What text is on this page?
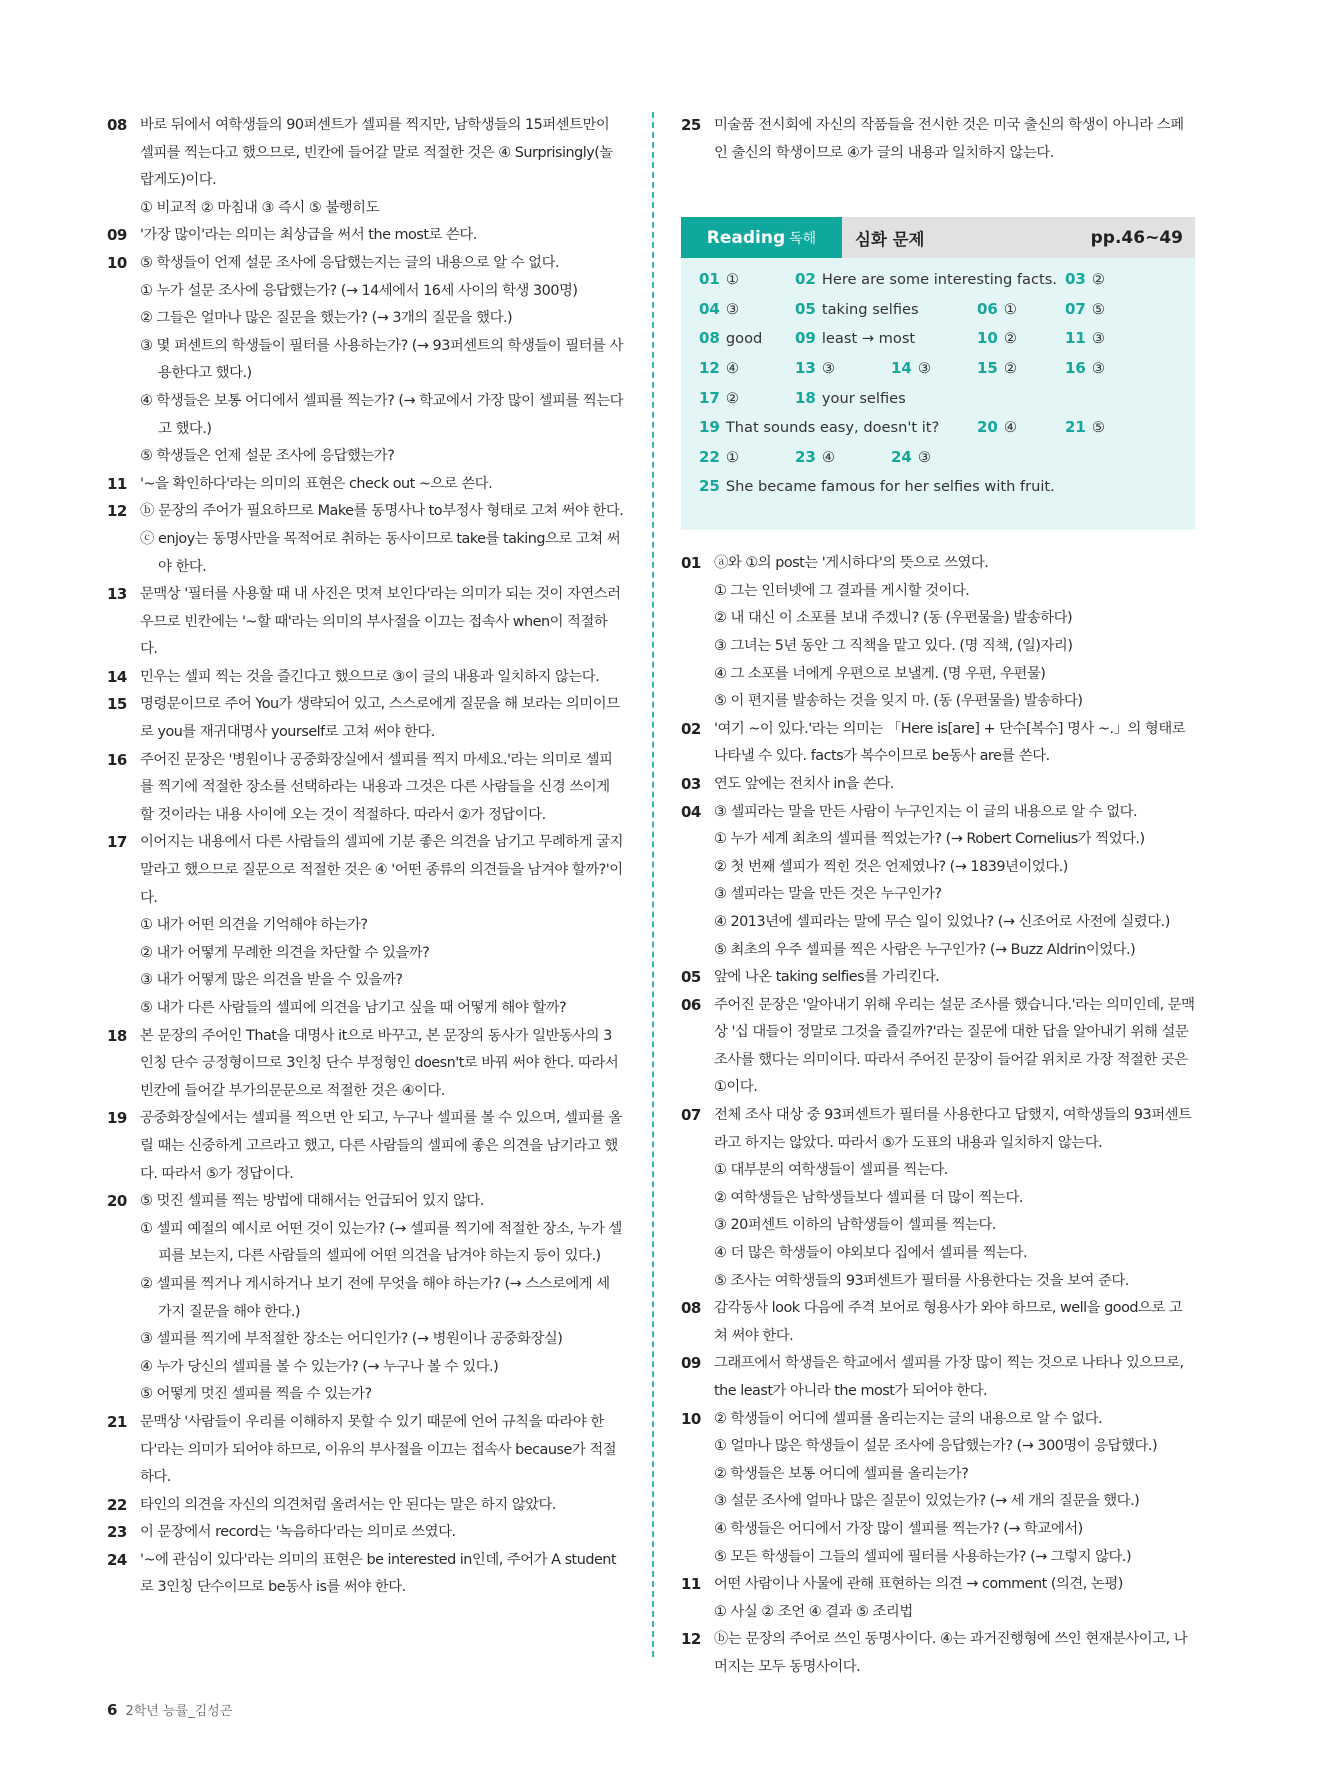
08 바로 뒤에서 여학생들의 90퍼센트가 셀피를 찍지만, 남학생들의 15퍼센트만이 셀피를 찍는다고 했으므로, 빈칸에 들어갈 말로 적절한 것은 ④ Surprisingly(놀랍게도)이다.
① 비교적 ② 마침내 ③ 즉시 ⑤ 불행히도
09 '가장 많이'라는 의미는 최상급을 써서 the most로 쓴다.
10 ⑤ 학생들이 언제 설문 조사에 응답했는지는 글의 내용으로 알 수 없다.
① 누가 설문 조사에 응답했는가? (→ 14세에서 16세 사이의 학생 300명)
② 그들은 얼마나 많은 질문을 했는가? (→ 3개의 질문을 했다.)
③ 몇 퍼센트의 학생들이 필터를 사용하는가? (→ 93퍼센트의 학생들이 필터를 사용한다고 했다.)
④ 학생들은 보통 어디에서 셀피를 찍는가? (→ 학교에서 가장 많이 셀피를 찍는다고 했다.)
⑤ 학생들은 언제 설문 조사에 응답했는가?
11 '~을 확인하다'라는 의미의 표현은 check out ~으로 쓴다.
12 ⓑ 문장의 주어가 필요하므로 Make를 동명사나 to부정사 형태로 고쳐 써야 한다.
ⓒ enjoy는 동명사만을 목적어로 취하는 동사이므로 take를 taking으로 고쳐 써야 한다.
13 문맥상 '필터를 사용할 때 내 사진은 멋져 보인다'라는 의미가 되는 것이 자연스러우므로 빈칸에는 '~할 때'라는 의미의 부사절을 이끄는 접속사 when이 적절하다.
14 민우는 셀피 찍는 것을 즐긴다고 했으므로 ③이 글의 내용과 일치하지 않는다.
15 명령문이므로 주어 You가 생략되어 있고, 스스로에게 질문을 해 보라는 의미이므로 you를 재귀대명사 yourself로 고쳐 써야 한다.
16 주어진 문장은 '병원이나 공중화장실에서 셀피를 찍지 마세요.'라는 의미로 셀피를 찍기에 적절한 장소를 선택하라는 내용과 그것은 다른 사람들을 신경 쓰이게 할 것이라는 내용 사이에 오는 것이 적절하다. 따라서 ②가 정답이다.
17 이어지는 내용에서 다른 사람들의 셀피에 기분 좋은 의견을 남기고 무례하게 굴지 말라고 했으므로 질문으로 적절한 것은 ④ '어떤 종류의 의견들을 남겨야 할까?'이다.
① 내가 어떤 의견을 기억해야 하는가?
② 내가 어떻게 무례한 의견을 차단할 수 있을까?
③ 내가 어떻게 많은 의견을 받을 수 있을까?
⑤ 내가 다른 사람들의 셀피에 의견을 남기고 싶을 때 어떻게 해야 할까?
18 본 문장의 주어인 That을 대명사 it으로 바꾸고, 본 문장의 동사가 일반동사의 3인칭 단수 긍정형이므로 3인칭 단수 부정형인 doesn't로 바꿔 써야 한다. 따라서 빈칸에 들어갈 부가의문문으로 적절한 것은 ④이다.
19 공중화장실에서는 셀피를 찍으면 안 되고, 누구나 셀피를 볼 수 있으며, 셀피를 올릴 때는 신중하게 고르라고 했고, 다른 사람들의 셀피에 좋은 의견을 남기라고 했다. 따라서 ⑤가 정답이다.
20 ⑤ 멋진 셀피를 찍는 방법에 대해서는 언급되어 있지 않다.
① 셀피 예절의 예시로 어떤 것이 있는가? (→ 셀피를 찍기에 적절한 장소, 누가 셀피를 보는지, 다른 사람들의 셀피에 어떤 의견을 남겨야 하는지 등이 있다.)
② 셀피를 찍거나 게시하거나 보기 전에 무엇을 해야 하는가? (→ 스스로에게 세 가지 질문을 해야 한다.)
③ 셀피를 찍기에 부적절한 장소는 어디인가? (→ 병원이나 공중화장실)
④ 누가 당신의 셀피를 볼 수 있는가? (→ 누구나 볼 수 있다.)
⑤ 어떻게 멋진 셀피를 찍을 수 있는가?
21 문맥상 '사람들이 우리를 이해하지 못할 수 있기 때문에 언어 규칙을 따라야 한다'라는 의미가 되어야 하므로, 이유의 부사절을 이끄는 접속사 because가 적절하다.
22 타인의 의견을 자신의 의견처럼 올려서는 안 된다는 말은 하지 않았다.
23 이 문장에서 record는 '녹음하다'라는 의미로 쓰였다.
24 '~에 관심이 있다'라는 의미의 표현은 be interested in인데, 주어가 A student로 3인칭 단수이므로 be동사 is를 써야 한다.
25 미술품 전시회에 자신의 작품들을 전시한 것은 미국 출신의 학생이 아니라 스페인 출신의 학생이므로 ④가 글의 내용과 일치하지 않는다.
Reading 독해	심화 문제	pp.46~49
01 ①	02 Here are some interesting facts. 03 ②
04 ③	05 taking selfies	06 ①	07 ⑤
08 good 09 least → most	10 ②	11 ③
12 ④	13 ③	14 ③	15 ②	16 ③
17 ②	18 your selfies
19 That sounds easy, doesn't it?	20 ④	21 ⑤
22 ①	23 ④	24 ③
25 She became famous for her selfies with fruit.
01 ⓐ와 ①의 post는 '게시하다'의 뜻으로 쓰였다.
① 그는 인터넷에 그 결과를 게시할 것이다.
② 내 대신 이 소포를 보내 주겠니? (동 (우편물을) 발송하다)
③ 그녀는 5년 동안 그 직책을 맡고 있다. (명 직책, (일)자리)
④ 그 소포를 너에게 우편으로 보낼게. (명 우편, 우편물)
⑤ 이 편지를 발송하는 것을 잊지 마. (동 (우편물을) 발송하다)
02 '여기 ~이 있다.'라는 의미는 「Here is[are] + 단수[복수] 명사 ~.」의 형태로 나타낼 수 있다. facts가 복수이므로 be동사 are를 쓴다.
03 연도 앞에는 전치사 in을 쓴다.
04 ③ 셀피라는 말을 만든 사람이 누구인지는 이 글의 내용으로 알 수 없다.
① 누가 세계 최초의 셀피를 찍었는가? (→ Robert Cornelius가 찍었다.)
② 첫 번째 셀피가 찍힌 것은 언제였나? (→ 1839년이었다.)
③ 셀피라는 말을 만든 것은 누구인가?
④ 2013년에 셀피라는 말에 무슨 일이 있었나? (→ 신조어로 사전에 실렸다.)
⑤ 최초의 우주 셀피를 찍은 사람은 누구인가? (→ Buzz Aldrin이었다.)
05 앞에 나온 taking selfies를 가리킨다.
06 주어진 문장은 '알아내기 위해 우리는 설문 조사를 했습니다.'라는 의미인데, 문맥상 '십 대들이 정말로 그것을 즐길까?'라는 질문에 대한 답을 알아내기 위해 설문 조사를 했다는 의미이다. 따라서 주어진 문장이 들어갈 위치로 가장 적절한 곳은 ①이다.
07 전체 조사 대상 중 93퍼센트가 필터를 사용한다고 답했지, 여학생들의 93퍼센트라고 하지는 않았다. 따라서 ⑤가 도표의 내용과 일치하지 않는다.
① 대부분의 여학생들이 셀피를 찍는다.
② 여학생들은 남학생들보다 셀피를 더 많이 찍는다.
③ 20퍼센트 이하의 남학생들이 셀피를 찍는다.
④ 더 많은 학생들이 야외보다 집에서 셀피를 찍는다.
⑤ 조사는 여학생들의 93퍼센트가 필터를 사용한다는 것을 보여 준다.
08 감각동사 look 다음에 주격 보어로 형용사가 와야 하므로, well을 good으로 고쳐 써야 한다.
09 그래프에서 학생들은 학교에서 셀피를 가장 많이 찍는 것으로 나타나 있으므로, the least가 아니라 the most가 되어야 한다.
10 ② 학생들이 어디에 셀피를 올리는지는 글의 내용으로 알 수 없다.
① 얼마나 많은 학생들이 설문 조사에 응답했는가? (→ 300명이 응답했다.)
② 학생들은 보통 어디에 셀피를 올리는가?
③ 설문 조사에 얼마나 많은 질문이 있었는가? (→ 세 개의 질문을 했다.)
④ 학생들은 어디에서 가장 많이 셀피를 찍는가? (→ 학교에서)
⑤ 모든 학생들이 그들의 셀피에 필터를 사용하는가? (→ 그렇지 않다.)
11 어떤 사람이나 사물에 관해 표현하는 의견 → comment (의견, 논평)
① 사실 ② 조언 ④ 결과 ⑤ 조리법
12 ⓑ는 문장의 주어로 쓰인 동명사이다. ④는 과거진행형에 쓰인 현재분사이고, 나머지는 모두 동명사이다.
6 2학년 능률_김성곤
